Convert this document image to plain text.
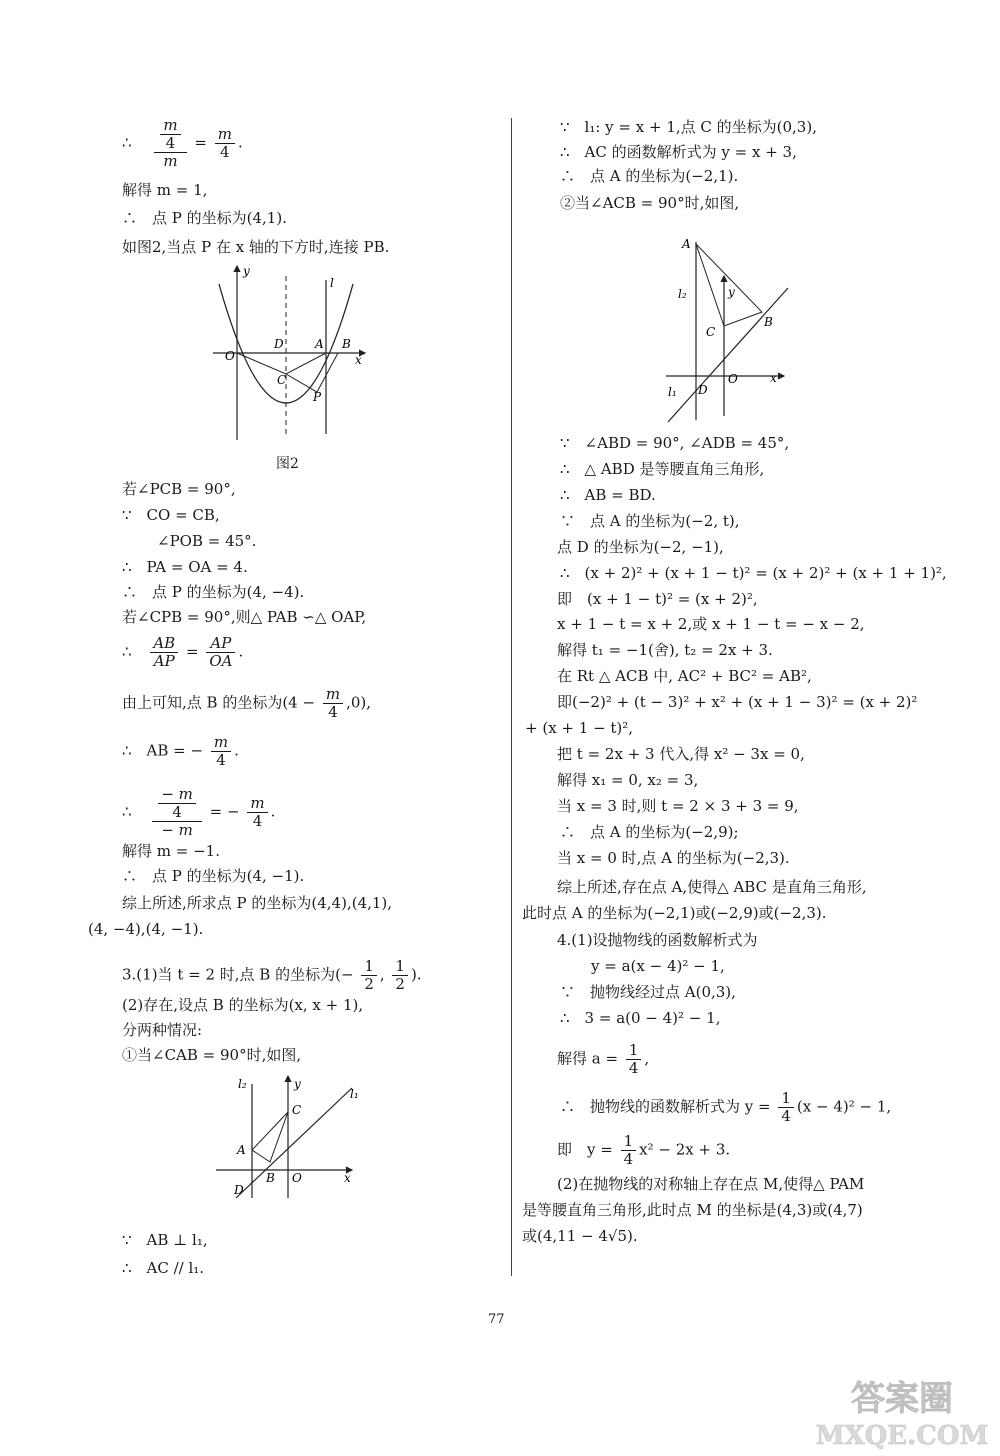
∴ $\frac{\frac{m}{4}}{m} = \frac{m}{4}$ .
解得 m = 1,
∴　点 P 的坐标为(4,1).
如图2,当点 P 在 x 轴的下方时,连接 PB.
y
l
O
D	A B
x
C
P
图2
若∠PCB = 90°,
∵　CO = CB,
∠POB = 45°.
∴　PA = OA = 4.
∴　点 P 的坐标为(4, −4).
若∠CPB = 90°,则△ PAB ∽△ OAP,
∴ $\frac{AB}{AP} = \frac{AP}{OA}$ .
由上可知,点 B 的坐标为$(4 - \frac{m}{4} ,0)$,
∴　AB = − $\frac{m}{4}$ .
∴ $\frac{\frac{- m}{4}}{- m}$ = − $\frac{m}{4}$ .
解得 m = −1.
∴　点 P 的坐标为(4, −1).
综上所述,所求点 P 的坐标为(4,4),(4,1),
(4, −4),(4, −1).
3.(1)当 t = 2 时,点 B 的坐标为(− $\frac{1}{2}$ , $\frac{1}{2}$ ).
(2)存在,设点 B 的坐标为(x, x + 1),
分两种情况:
①当∠CAB = 90°时,如图,
l₂	y
l₁
C
A
B O	x
D
∵　AB ⊥ l₁,
∴　AC // l₁.
∵　l₁: y = x + 1,点 C 的坐标为(0,3),
∴　AC 的函数解析式为 y = x + 3,
∴　点 A 的坐标为(−2,1).
②当∠ACB = 90°时,如图,
A
l₂	y
B
C
l₁ D
O	x
∵　∠ABD = 90°, ∠ADB = 45°,
∴　△ ABD 是等腰直角三角形,
∴　AB = BD.
∵　点 A 的坐标为(−2, t),
点 D 的坐标为(−2, −1),
∴　(x + 2)² + (x + 1 − t)² = (x + 2)² + (x + 1 + 1)²,
即　(x + 1 − t)² = (x + 2)²,
x + 1 − t = x + 2,或 x + 1 − t = − x − 2,
解得 t₁ = −1(舍), t₂ = 2x + 3.
在 Rt △ ACB 中, AC² + BC² = AB²,
即(−2)² + (t − 3)² + x² + (x + 1 − 3)² = (x + 2)²
+ (x + 1 − t)²,
把 t = 2x + 3 代入,得 x² − 3x = 0,
解得 x₁ = 0, x₂ = 3,
当 x = 3 时,则 t = 2 × 3 + 3 = 9,
∴　点 A 的坐标为(−2,9);
当 x = 0 时,点 A 的坐标为(−2,3).
综上所述,存在点 A,使得△ ABC 是直角三角形,
此时点 A 的坐标为(−2,1)或(−2,9)或(−2,3).
4.(1)设抛物线的函数解析式为
y = a(x − 4)² − 1,
∵　抛物线经过点 A(0,3),
∴　3 = a(0 − 4)² − 1,
解得 $a = \frac{1}{4}$ ,
∴　抛物线的函数解析式为 $y = \frac{1}{4} (x - 4)^2 - 1$,
即　$y = \frac{1}{4} x^2 - 2x + 3$.
(2)在抛物线的对称轴上存在点 M,使得△ PAM
是等腰直角三角形,此时点 M 的坐标是(4,3)或(4,7)
或(4,11 − 4√5).
77
答案圈
MXQE.COM
